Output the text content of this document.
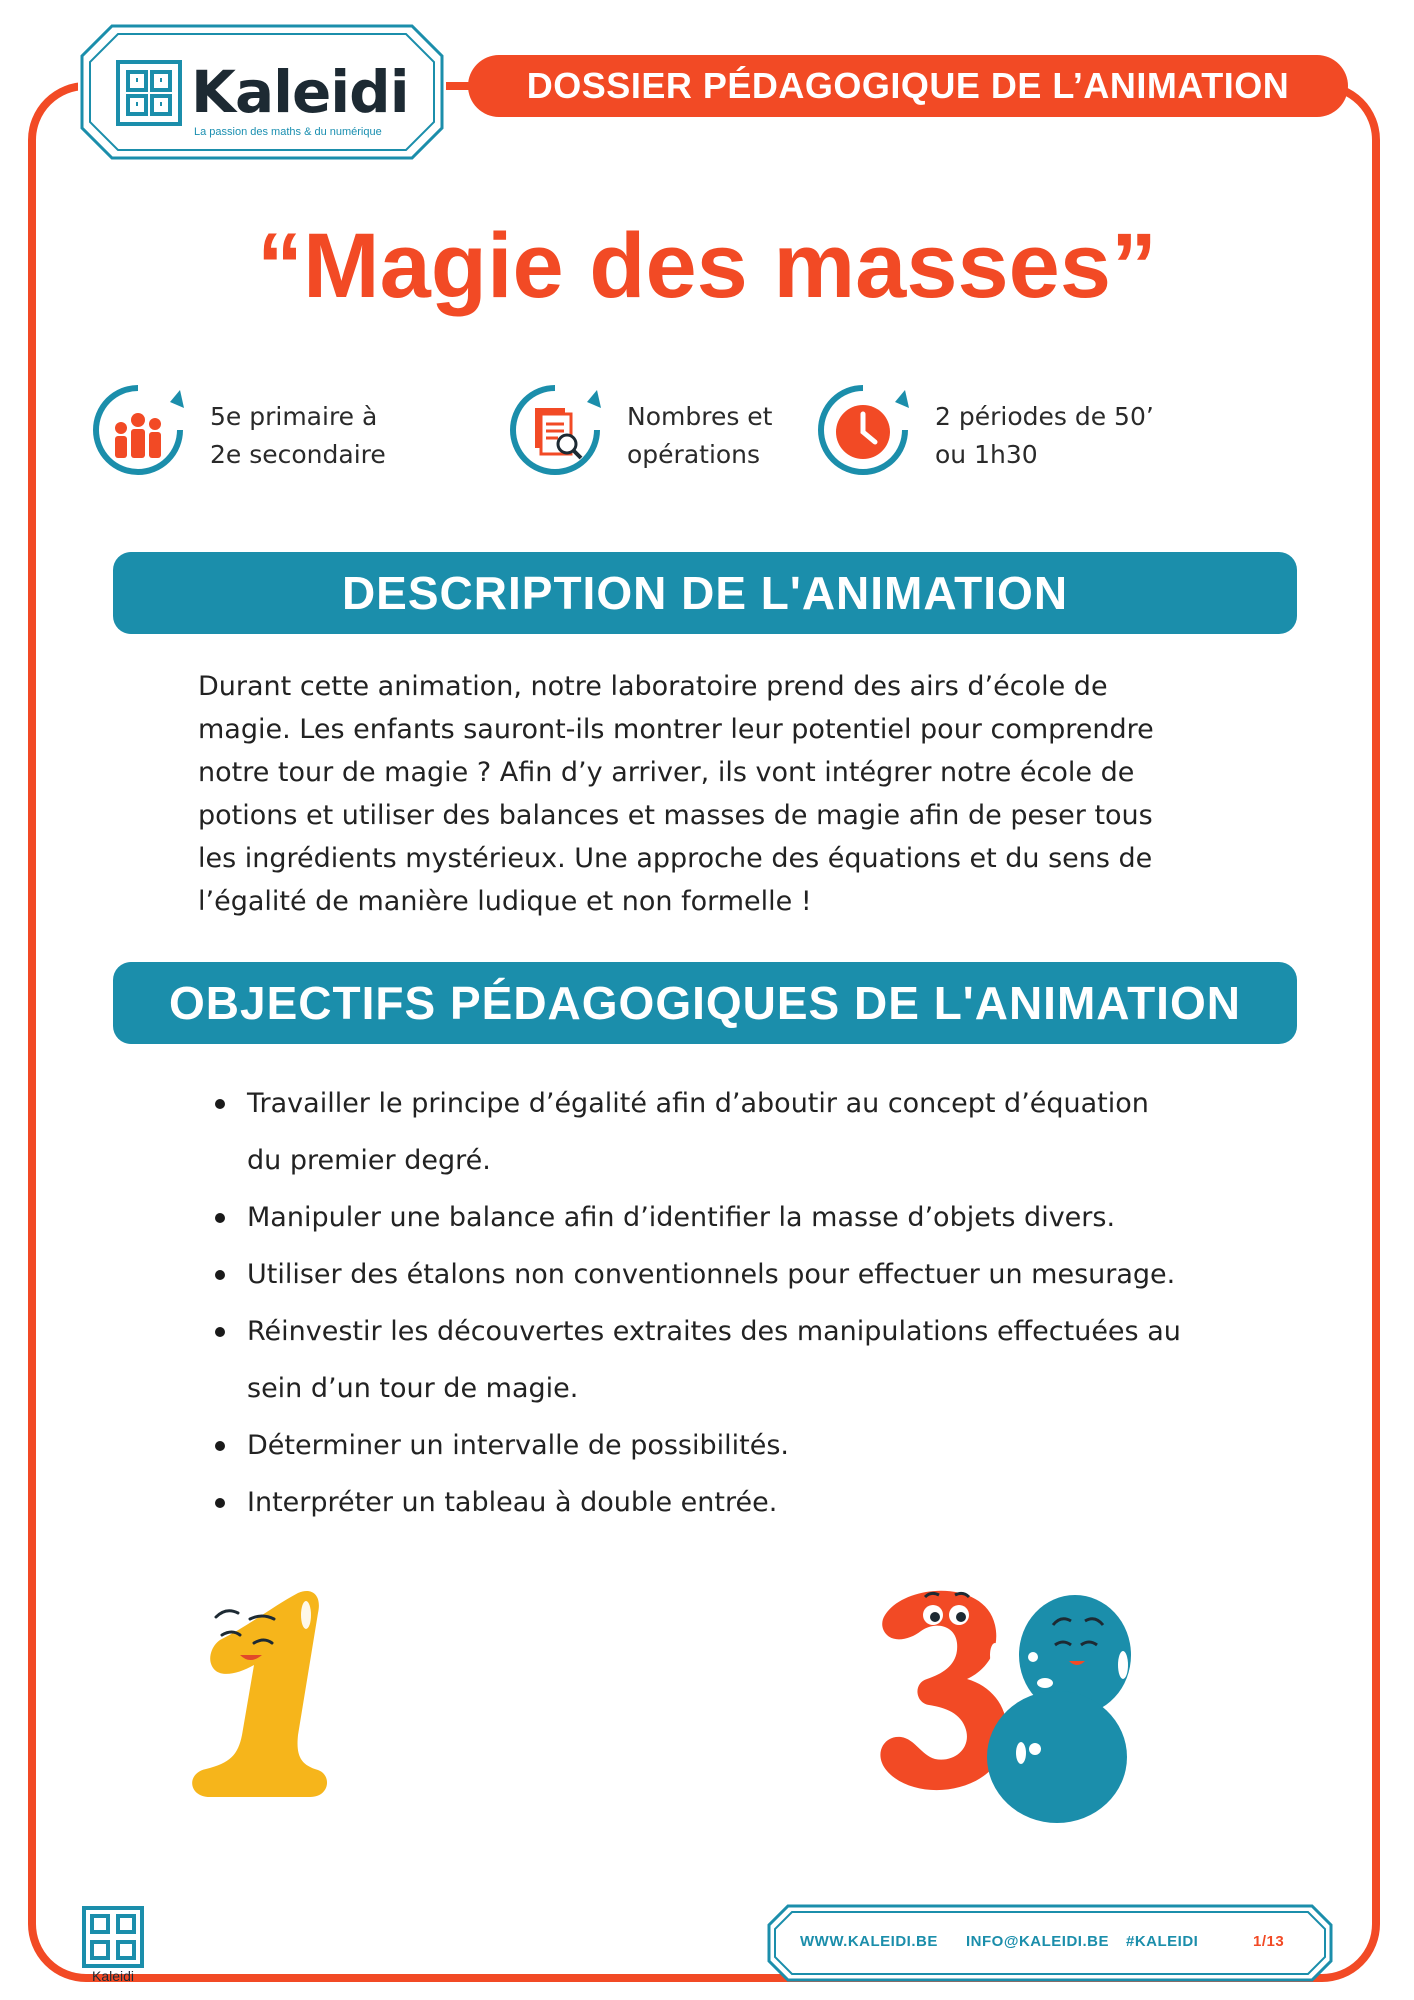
Kaleidi
La passion des maths & du numérique
DOSSIER PÉDAGOGIQUE DE L’ANIMATION
“Magie des masses”
5e primaire à
2e secondaire
Nombres et
opérations
2 périodes de 50’
ou 1h30
DESCRIPTION DE L'ANIMATION
Durant cette animation, notre laboratoire prend des airs d’école de
magie. Les enfants sauront-ils montrer leur potentiel pour comprendre
notre tour de magie ? Afin d’y arriver, ils vont intégrer notre école de
potions et utiliser des balances et masses de magie afin de peser tous
les ingrédients mystérieux. Une approche des équations et du sens de
l’égalité de manière ludique et non formelle !
OBJECTIFS PÉDAGOGIQUES DE L'ANIMATION
Travailler le principe d’égalité afin d’aboutir au concept d’équation
du premier degré.
Manipuler une balance afin d’identifier la masse d’objets divers.
Utiliser des étalons non conventionnels pour effectuer un mesurage.
Réinvestir les découvertes extraites des manipulations effectuées au
sein d’un tour de magie.
Déterminer un intervalle de possibilités.
Interpréter un tableau à double entrée.
Kaleidi
WWW.KALEIDI.BE INFO@KALEIDI.BE #KALEIDI	1/13
